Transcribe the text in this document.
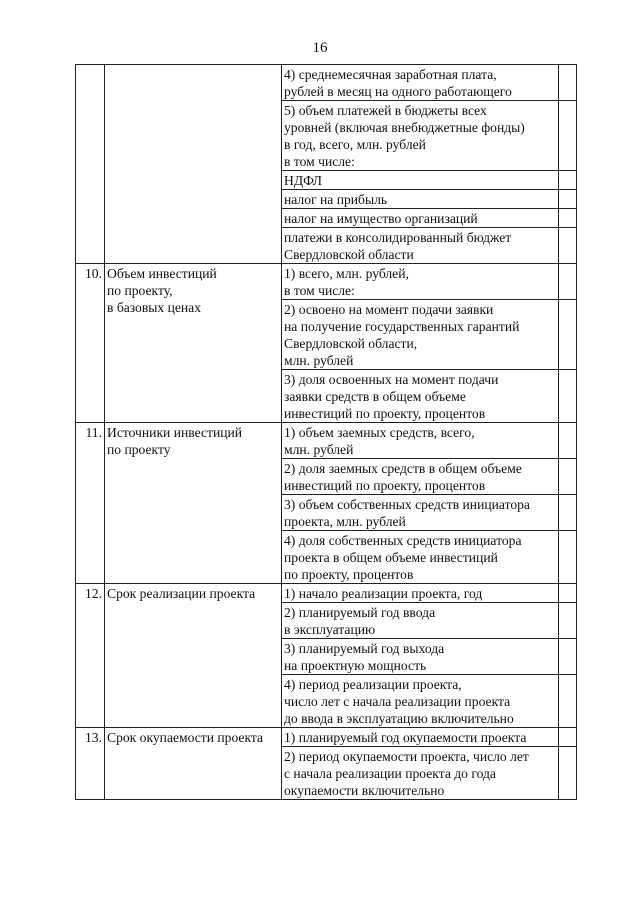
16

		4) среднемесячная заработная плата,
рублей в месяц на одного работающего	

		5) объем платежей в бюджеты всех
уровней (включая внебюджетные фонды)
в год, всего, млн. рублей
в том числе:	

		НДФЛ	

		налог на прибыль	

		налог на имущество организаций	

		платежи в консолидированный бюджет
Свердловской области	

10.	Объем инвестиций
по проекту,
в базовых ценах	1) всего, млн. рублей,
в том числе:	

		2) освоено на момент подачи заявки
на получение государственных гарантий
Свердловской области,
млн. рублей	

		3) доля освоенных на момент подачи
заявки средств в общем объеме
инвестиций по проекту, процентов	

11.	Источники инвестиций
по проекту	1) объем заемных средств, всего,
млн. рублей	

		2) доля заемных средств в общем объеме
инвестиций по проекту, процентов	

		3) объем собственных средств инициатора
проекта, млн. рублей	

		4) доля собственных средств инициатора
проекта в общем объеме инвестиций
по проекту, процентов	

12.	Срок реализации проекта	1) начало реализации проекта, год	

		2) планируемый год ввода
в эксплуатацию	

		3) планируемый год выхода
на проектную мощность	

		4) период реализации проекта,
число лет с начала реализации проекта
до ввода в эксплуатацию включительно	

13.	Срок окупаемости проекта	1) планируемый год окупаемости проекта	

		2) период окупаемости проекта, число лет
с начала реализации проекта до года
окупаемости включительно	
